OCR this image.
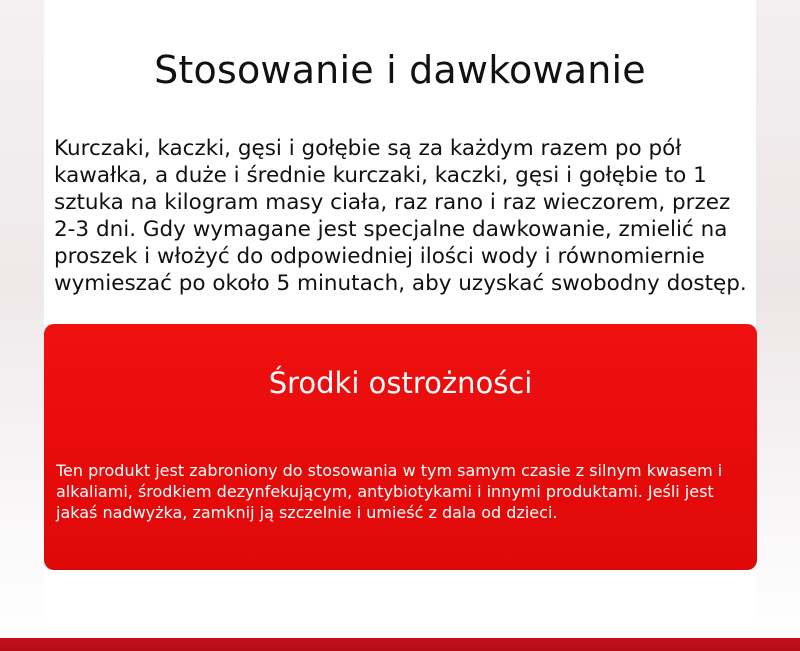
Stosowanie i dawkowanie

Kurczaki, kaczki, gęsi i gołębie są za każdym razem po pół kawałka, a duże i średnie kurczaki, kaczki, gęsi i gołębie to 1 sztuka na kilogram masy ciała, raz rano i raz wieczorem, przez 2-3 dni. Gdy wymagane jest specjalne dawkowanie, zmielić na proszek i włożyć do odpowiedniej ilości wody i równomiernie wymieszać po około 5 minutach, aby uzyskać swobodny dostęp.

Środki ostrożności

Ten produkt jest zabroniony do stosowania w tym samym czasie z silnym kwasem i alkaliami, środkiem dezynfekującym, antybiotykami i innymi produktami. Jeśli jest jakaś nadwyżka, zamknij ją szczelnie i umieść z dala od dzieci.
